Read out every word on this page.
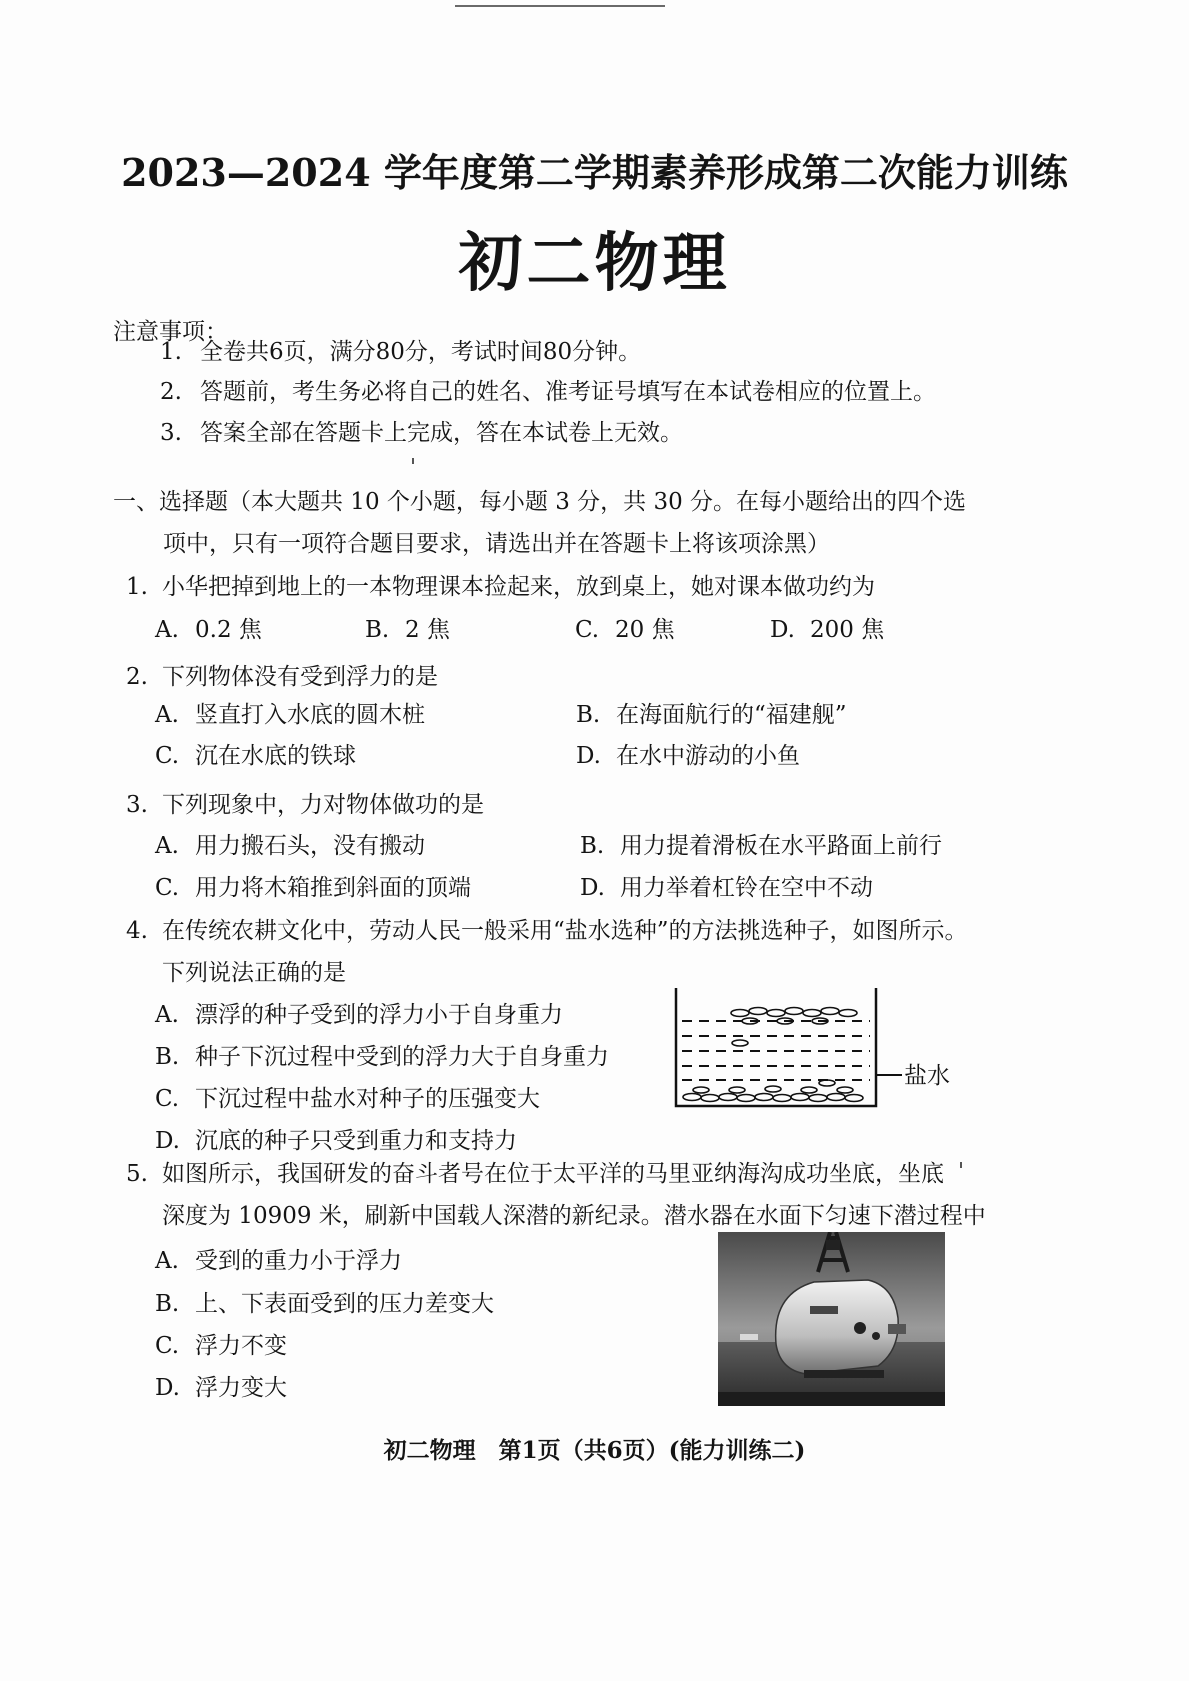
2023—2024 学年度第二学期素养形成第二次能力训练
初二物理
注意事项：
1. 全卷共6页，满分80分，考试时间80分钟。
2. 答题前，考生务必将自己的姓名、准考证号填写在本试卷相应的位置上。
3. 答案全部在答题卡上完成，答在本试卷上无效。
一、选择题（本大题共 10 个小题，每小题 3 分，共 30 分。在每小题给出的四个选
项中，只有一项符合题目要求，请选出并在答题卡上将该项涂黑）
1. 小华把掉到地上的一本物理课本捡起来，放到桌上，她对课本做功约为
A. 0.2 焦	B. 2 焦	C. 20 焦	D. 200 焦
2. 下列物体没有受到浮力的是
A. 竖直打入水底的圆木桩	B. 在海面航行的“福建舰”
C. 沉在水底的铁球	D. 在水中游动的小鱼
3. 下列现象中，力对物体做功的是
A. 用力搬石头，没有搬动	B. 用力提着滑板在水平路面上前行
C. 用力将木箱推到斜面的顶端	D. 用力举着杠铃在空中不动
4. 在传统农耕文化中，劳动人民一般采用“盐水选种”的方法挑选种子，如图所示。
下列说法正确的是
A. 漂浮的种子受到的浮力小于自身重力
B. 种子下沉过程中受到的浮力大于自身重力
C. 下沉过程中盐水对种子的压强变大
D. 沉底的种子只受到重力和支持力
盐水
5. 如图所示，我国研发的奋斗者号在位于太平洋的马里亚纳海沟成功坐底，坐底
深度为 10909 米，刷新中国载人深潜的新纪录。潜水器在水面下匀速下潜过程中
A. 受到的重力小于浮力
B. 上、下表面受到的压力差变大
C. 浮力不变
D. 浮力变大
初二物理　第1页（共6页）(能力训练二)
